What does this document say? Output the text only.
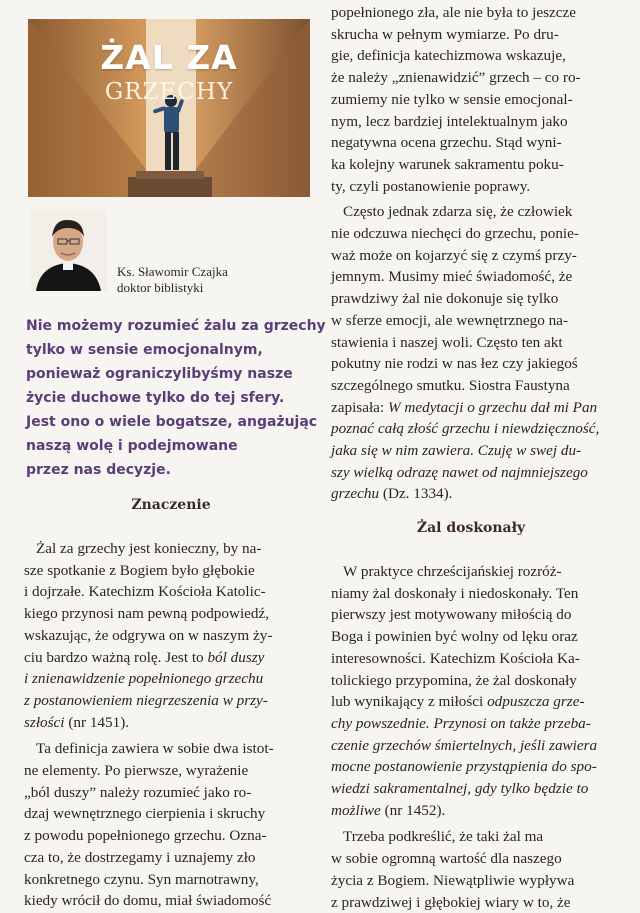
ŻAL ZA
GRZECHY
Ks. Sławomir Czajka
doktor biblistyki

Nie możemy rozumieć żalu za grzechy
tylko w sensie emocjonalnym,
ponieważ ograniczylibyśmy nasze
życie duchowe tylko do tej sfery.
Jest ono o wiele bogatsze, angażując
naszą wolę i podejmowane
przez nas decyzje.

Znaczenie
Żal za grzechy jest konieczny, by na-
sze spotkanie z Bogiem było głębokie
i dojrzałe. Katechizm Kościoła Katolic-
kiego przynosi nam pewną podpowiedź,
wskazując, że odgrywa on w naszym ży-
ciu bardzo ważną rolę. Jest to ból duszy
i znienawidzenie popełnionego grzechu
z postanowieniem niegrzeszenia w przy-
szłości (nr 1451).
Ta definicja zawiera w sobie dwa istot-
ne elementy. Po pierwsze, wyrażenie
„ból duszy” należy rozumieć jako ro-
dzaj wewnętrznego cierpienia i skruchy
z powodu popełnionego grzechu. Ozna-
cza to, że dostrzegamy i uznajemy zło
konkretnego czynu. Syn marnotrawny,
kiedy wrócił do domu, miał świadomość
popełnionego zła, ale nie była to jeszcze
skrucha w pełnym wymiarze. Po dru-
gie, definicja katechizmowa wskazuje,
że należy „znienawidzić” grzech – co ro-
zumiemy nie tylko w sensie emocjonal-
nym, lecz bardziej intelektualnym jako
negatywna ocena grzechu. Stąd wyni-
ka kolejny warunek sakramentu poku-
ty, czyli postanowienie poprawy.
Często jednak zdarza się, że człowiek
nie odczuwa niechęci do grzechu, ponie-
waż może on kojarzyć się z czymś przy-
jemnym. Musimy mieć świadomość, że
prawdziwy żal nie dokonuje się tylko
w sferze emocji, ale wewnętrznego na-
stawienia i naszej woli. Często ten akt
pokutny nie rodzi w nas łez czy jakiegoś
szczególnego smutku. Siostra Faustyna
zapisała: W medytacji o grzechu dał mi Pan
poznać całą złość grzechu i niewdzięczność,
jaka się w nim zawiera. Czuję w swej du-
szy wielką odrazę nawet od najmniejszego
grzechu (Dz. 1334).
Żal doskonały
W praktyce chrześcijańskiej rozróż-
niamy żal doskonały i niedoskonały. Ten
pierwszy jest motywowany miłością do
Boga i powinien być wolny od lęku oraz
interesowności. Katechizm Kościoła Ka-
tolickiego przypomina, że żal doskonały
lub wynikający z miłości odpuszcza grze-
chy powszednie. Przynosi on także przeba-
czenie grzechów śmiertelnych, jeśli zawiera
mocne postanowienie przystąpienia do spo-
wiedzi sakramentalnej, gdy tylko będzie to
możliwe (nr 1452).
Trzeba podkreślić, że taki żal ma
w sobie ogromną wartość dla naszego
życia z Bogiem. Niewątpliwie wypływa
z prawdziwej i głębokiej wiary w to, że
